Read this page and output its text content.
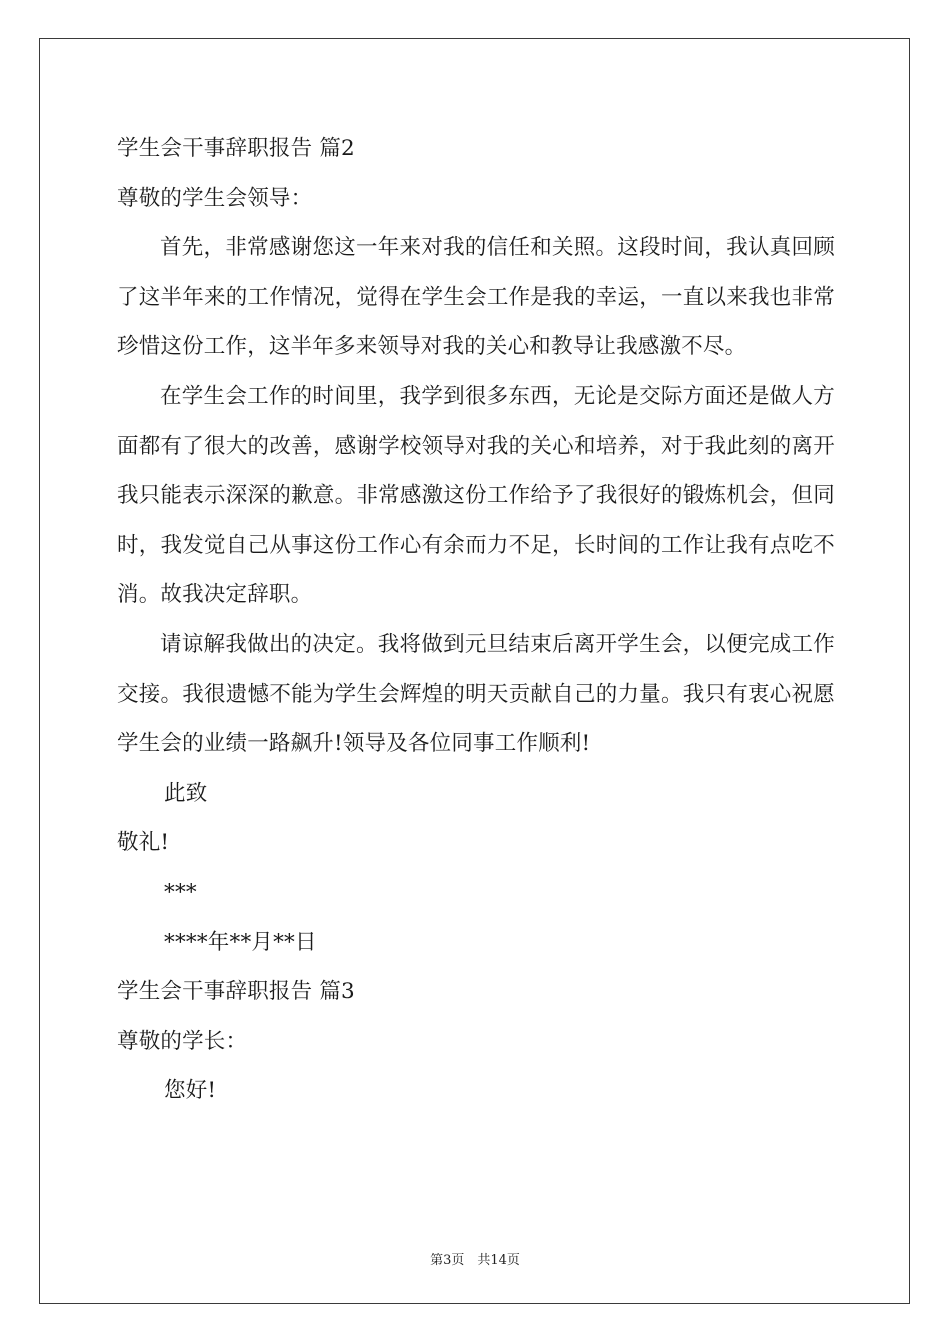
学生会干事辞职报告 篇2
尊敬的学生会领导：

首先，非常感谢您这一年来对我的信任和关照。这段时间，我认真回顾了这半年来的工作情况，觉得在学生会工作是我的幸运，一直以来我也非常珍惜这份工作，这半年多来领导对我的关心和教导让我感激不尽。

在学生会工作的时间里，我学到很多东西，无论是交际方面还是做人方面都有了很大的改善，感谢学校领导对我的关心和培养，对于我此刻的离开我只能表示深深的歉意。非常感激这份工作给予了我很好的锻炼机会，但同时，我发觉自己从事这份工作心有余而力不足，长时间的工作让我有点吃不消。故我决定辞职。

请谅解我做出的决定。我将做到元旦结束后离开学生会，以便完成工作交接。我很遗憾不能为学生会辉煌的明天贡献自己的力量。我只有衷心祝愿学生会的业绩一路飙升!领导及各位同事工作顺利!

此致
敬礼!
***
****年**月**日
学生会干事辞职报告 篇3
尊敬的学长：
您好!
第3页　共14页
